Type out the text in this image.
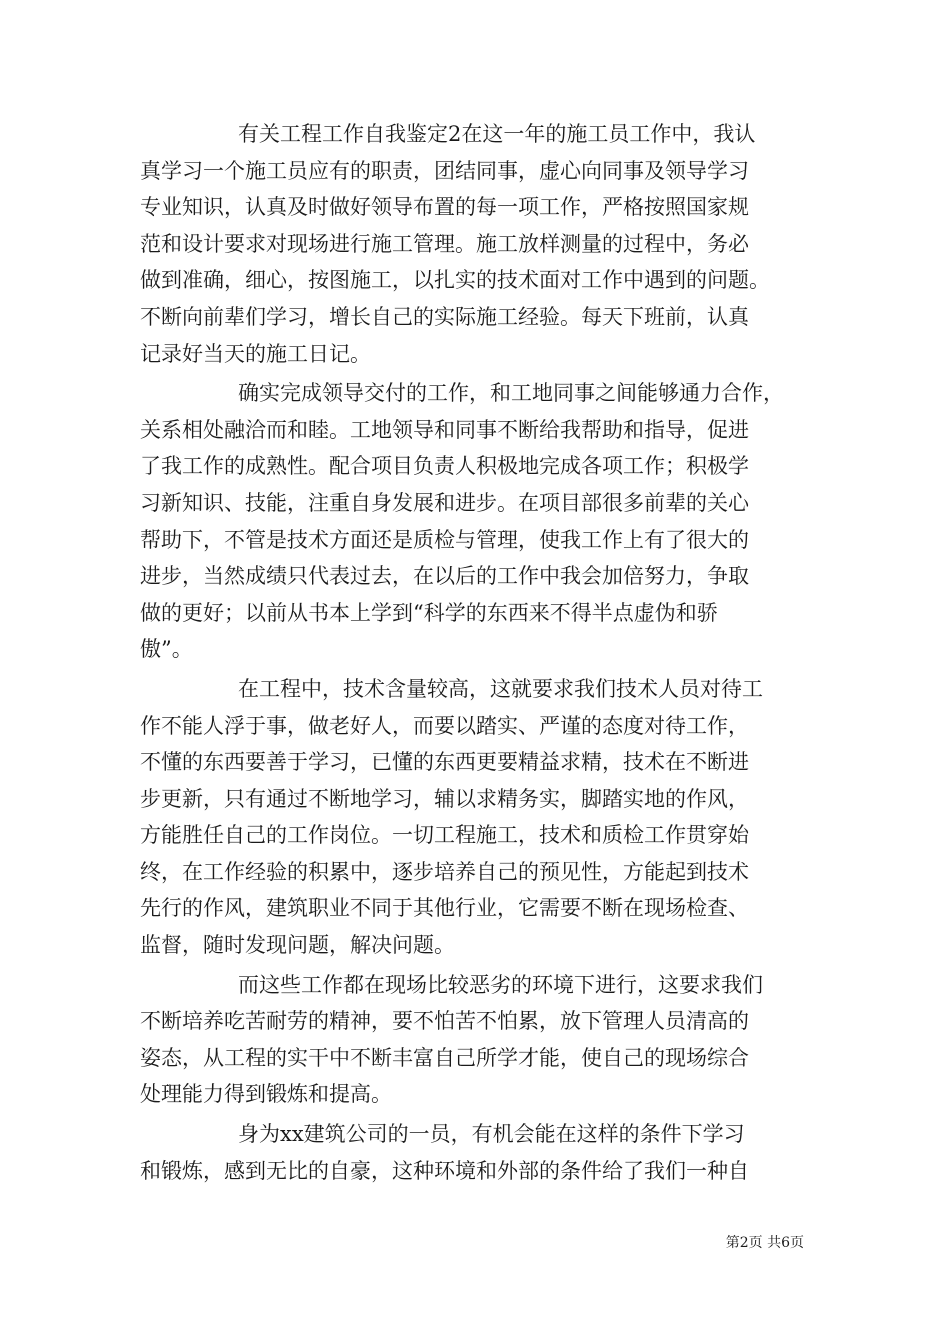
有关工程工作自我鉴定2在这一年的施工员工作中，我认
真学习一个施工员应有的职责，团结同事，虚心向同事及领导学习
专业知识，认真及时做好领导布置的每一项工作，严格按照国家规
范和设计要求对现场进行施工管理。施工放样测量的过程中，务必
做到准确，细心，按图施工，以扎实的技术面对工作中遇到的问题。
不断向前辈们学习，增长自己的实际施工经验。每天下班前，认真
记录好当天的施工日记。
确实完成领导交付的工作，和工地同事之间能够通力合作，
关系相处融洽而和睦。工地领导和同事不断给我帮助和指导，促进
了我工作的成熟性。配合项目负责人积极地完成各项工作；积极学
习新知识、技能，注重自身发展和进步。在项目部很多前辈的关心
帮助下，不管是技术方面还是质检与管理，使我工作上有了很大的
进步，当然成绩只代表过去，在以后的工作中我会加倍努力，争取
做的更好；以前从书本上学到“科学的东西来不得半点虚伪和骄
傲”。
在工程中，技术含量较高，这就要求我们技术人员对待工
作不能人浮于事，做老好人，而要以踏实、严谨的态度对待工作，
不懂的东西要善于学习，已懂的东西更要精益求精，技术在不断进
步更新，只有通过不断地学习，辅以求精务实，脚踏实地的作风，
方能胜任自己的工作岗位。一切工程施工，技术和质检工作贯穿始
终，在工作经验的积累中，逐步培养自己的预见性，方能起到技术
先行的作风，建筑职业不同于其他行业，它需要不断在现场检查、
监督，随时发现问题，解决问题。
而这些工作都在现场比较恶劣的环境下进行，这要求我们
不断培养吃苦耐劳的精神，要不怕苦不怕累，放下管理人员清高的
姿态，从工程的实干中不断丰富自己所学才能，使自己的现场综合
处理能力得到锻炼和提高。
身为xx建筑公司的一员，有机会能在这样的条件下学习
和锻炼，感到无比的自豪，这种环境和外部的条件给了我们一种自
第2页 共6页
